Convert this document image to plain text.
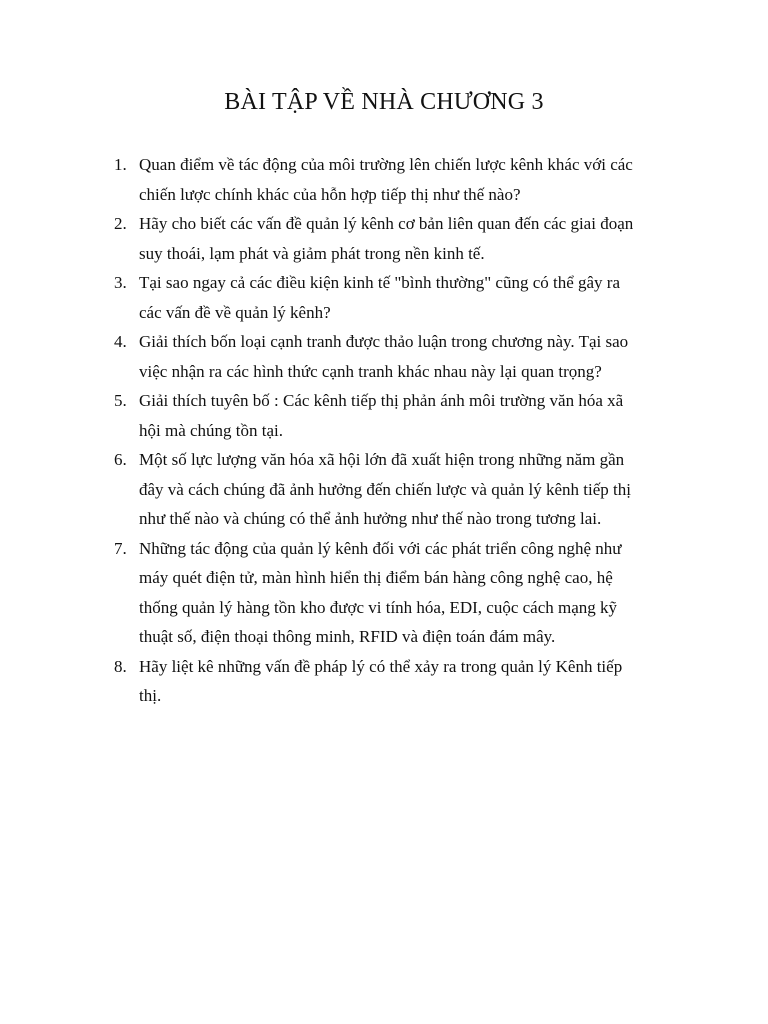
BÀI TẬP VỀ NHÀ CHƯƠNG 3
1. Quan điểm về tác động của môi trường lên chiến lược kênh khác với các
chiến lược chính khác của hỗn hợp tiếp thị như thế nào?
2. Hãy cho biết các vấn đề quản lý kênh cơ bản liên quan đến các giai đoạn
suy thoái, lạm phát và giảm phát trong nền kinh tế.
3. Tại sao ngay cả các điều kiện kinh tế "bình thường" cũng có thể gây ra
các vấn đề về quản lý kênh?
4. Giải thích bốn loại cạnh tranh được thảo luận trong chương này. Tại sao
việc nhận ra các hình thức cạnh tranh khác nhau này lại quan trọng?
5. Giải thích tuyên bố : Các kênh tiếp thị phản ánh môi trường văn hóa xã
hội mà chúng tồn tại.
6. Một số lực lượng văn hóa xã hội lớn đã xuất hiện trong những năm gần
đây và cách chúng đã ảnh hưởng đến chiến lược và quản lý kênh tiếp thị
như thế nào và chúng có thể ảnh hưởng như thế nào trong tương lai.
7. Những tác động của quản lý kênh đối với các phát triển công nghệ như
máy quét điện tử, màn hình hiển thị điểm bán hàng công nghệ cao, hệ
thống quản lý hàng tồn kho được vi tính hóa, EDI, cuộc cách mạng kỹ
thuật số, điện thoại thông minh, RFID và điện toán đám mây.
8. Hãy liệt kê những vấn đề pháp lý có thể xảy ra trong quản lý Kênh tiếp
thị.
